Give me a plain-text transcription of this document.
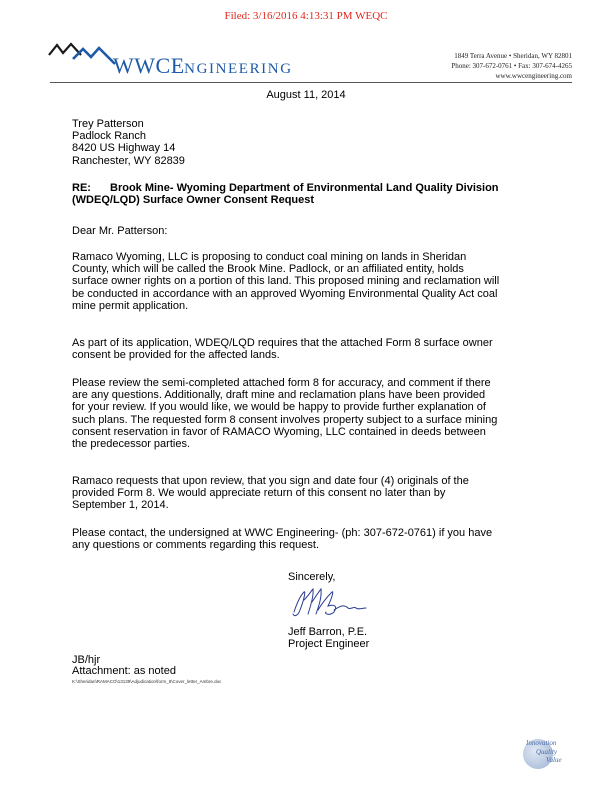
Filed: 3/16/2016 4:13:31 PM WEQC
WWCENGINEERING
1849 Terra Avenue • Sheridan, WY 82801
Phone: 307-672-0761 • Fax: 307-674-4265
www.wwcengineering.com
August 11, 2014
Trey Patterson
Padlock Ranch
8420 US Highway 14
Ranchester, WY 82839
RE: Brook Mine- Wyoming Department of Environmental Land Quality Division
(WDEQ/LQD) Surface Owner Consent Request
Dear Mr. Patterson:
Ramaco Wyoming, LLC is proposing to conduct coal mining on lands in Sheridan
County, which will be called the Brook Mine. Padlock, or an affiliated entity, holds
surface owner rights on a portion of this land. This proposed mining and reclamation will
be conducted in accordance with an approved Wyoming Environmental Quality Act coal
mine permit application.
As part of its application, WDEQ/LQD requires that the attached Form 8 surface owner
consent be provided for the affected lands.
Please review the semi-completed attached form 8 for accuracy, and comment if there
are any questions. Additionally, draft mine and reclamation plans have been provided
for your review. If you would like, we would be happy to provide further explanation of
such plans. The requested form 8 consent involves property subject to a surface mining
consent reservation in favor of RAMACO Wyoming, LLC contained in deeds between
the predecessor parties.
Ramaco requests that upon review, that you sign and date four (4) originals of the
provided Form 8. We would appreciate return of this consent no later than by
September 1, 2014.
Please contact, the undersigned at WWC Engineering- (ph: 307-672-0761) if you have
any questions or comments regarding this request.
Sincerely,
Jeff Barron, P.E.
Project Engineer
JB/hjr
Attachment: as noted
K:\Sheridan\RAMACO\13139\Adjudication\form_8\Cover_letter_Ambre.doc
Innovation
Quality
Value
